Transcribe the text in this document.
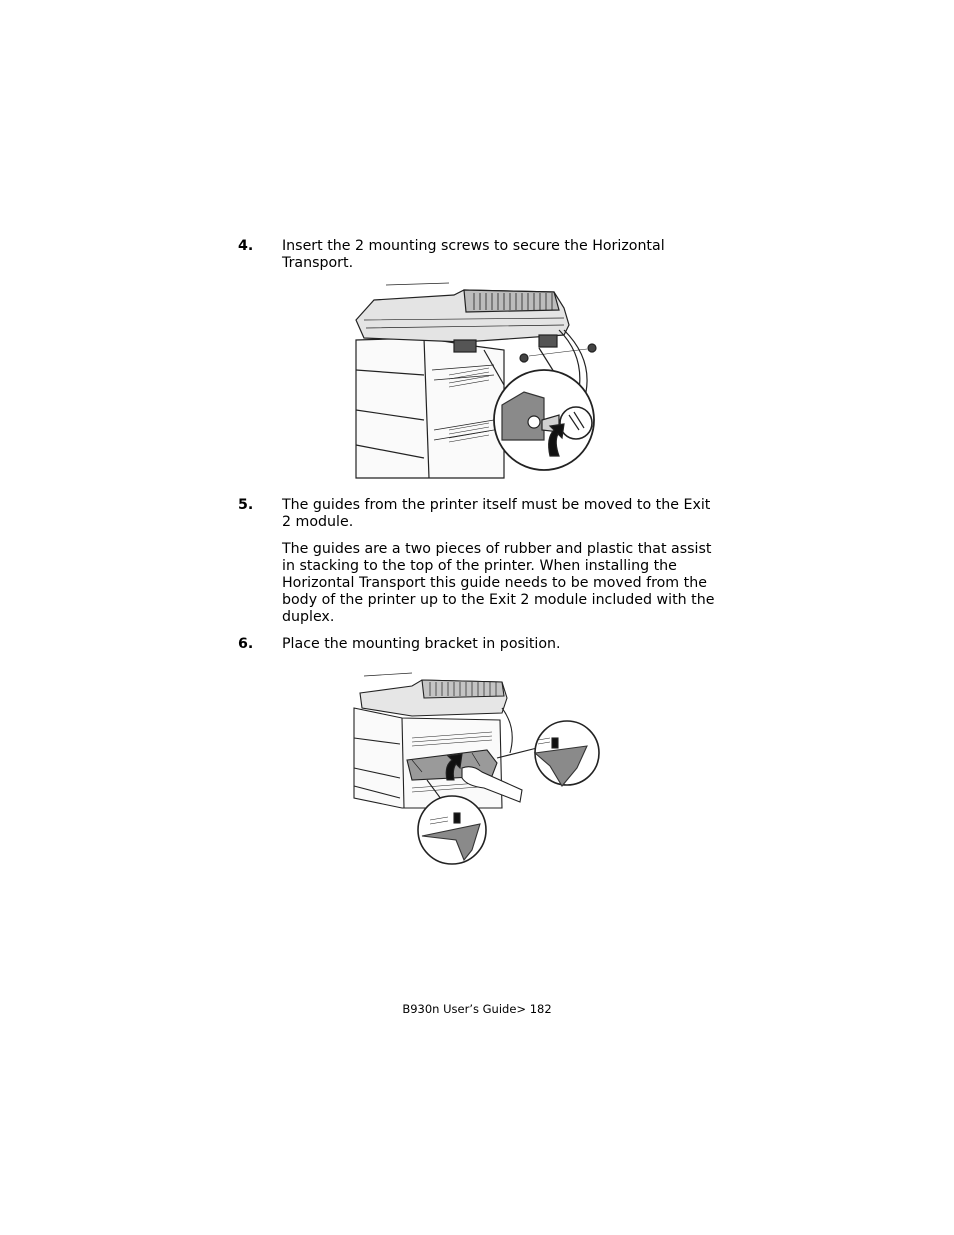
4. Insert the 2 mounting screws to secure the Horizontal Transport.
5. The guides from the printer itself must be moved to the Exit 2 module.
The guides are a two pieces of rubber and plastic that assist in stacking to the top of the printer. When installing the Horizontal Transport this guide needs to be moved from the body of the printer up to the Exit 2 module included with the duplex.
6. Place the mounting bracket in position.
B930n User’s Guide> 182
